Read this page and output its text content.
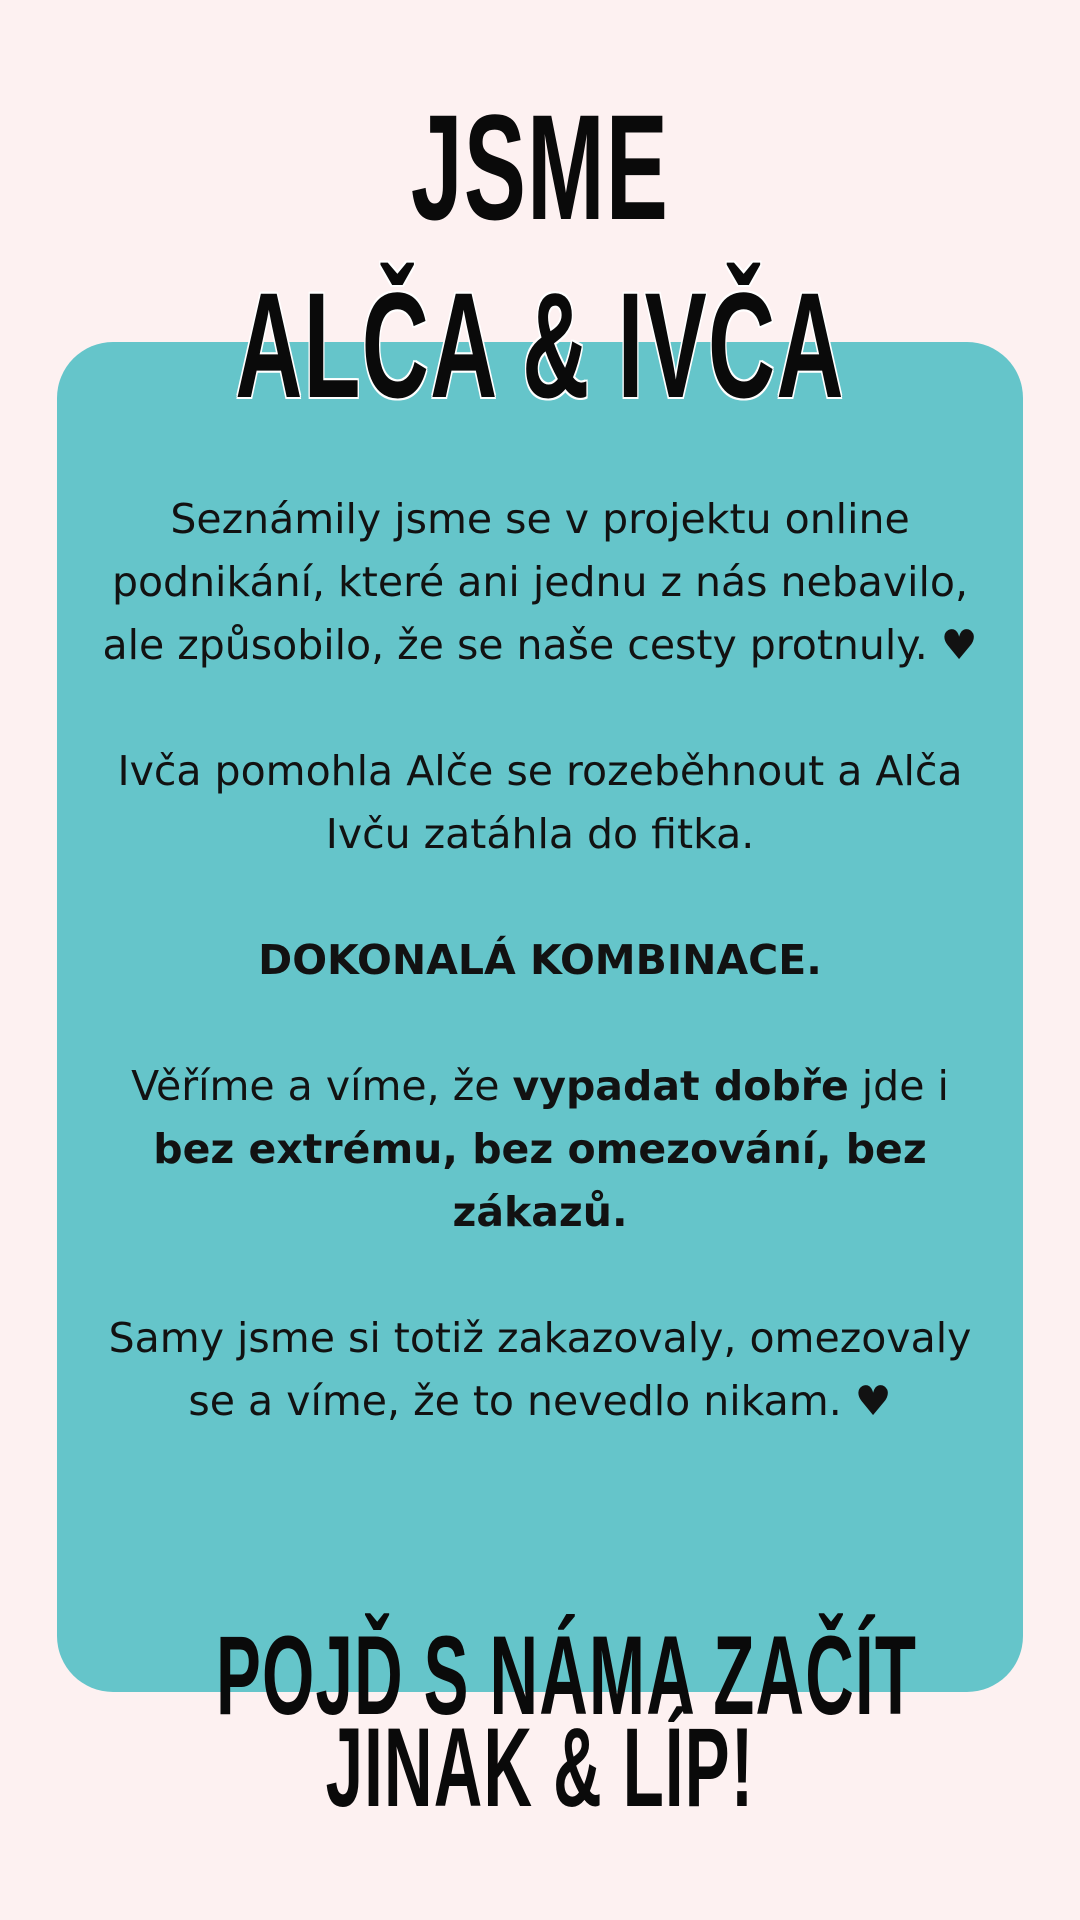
JSME
ALČA & IVČA

Seznámily jsme se v projektu online podnikání, které ani jednu z nás nebavilo, ale způsobilo, že se naše cesty protnuly. ♥

Ivča pomohla Alče se rozeběhnout a Alča Ivču zatáhla do fitka.

DOKONALÁ KOMBINACE.

Věříme a víme, že vypadat dobře jde i bez extrému, bez omezování, bez zákazů.

Samy jsme si totiž zakazovaly, omezovaly se a víme, že to nevedlo nikam. ♥

POJĎ S NÁMA ZAČÍT
JINAK & LÍP!
